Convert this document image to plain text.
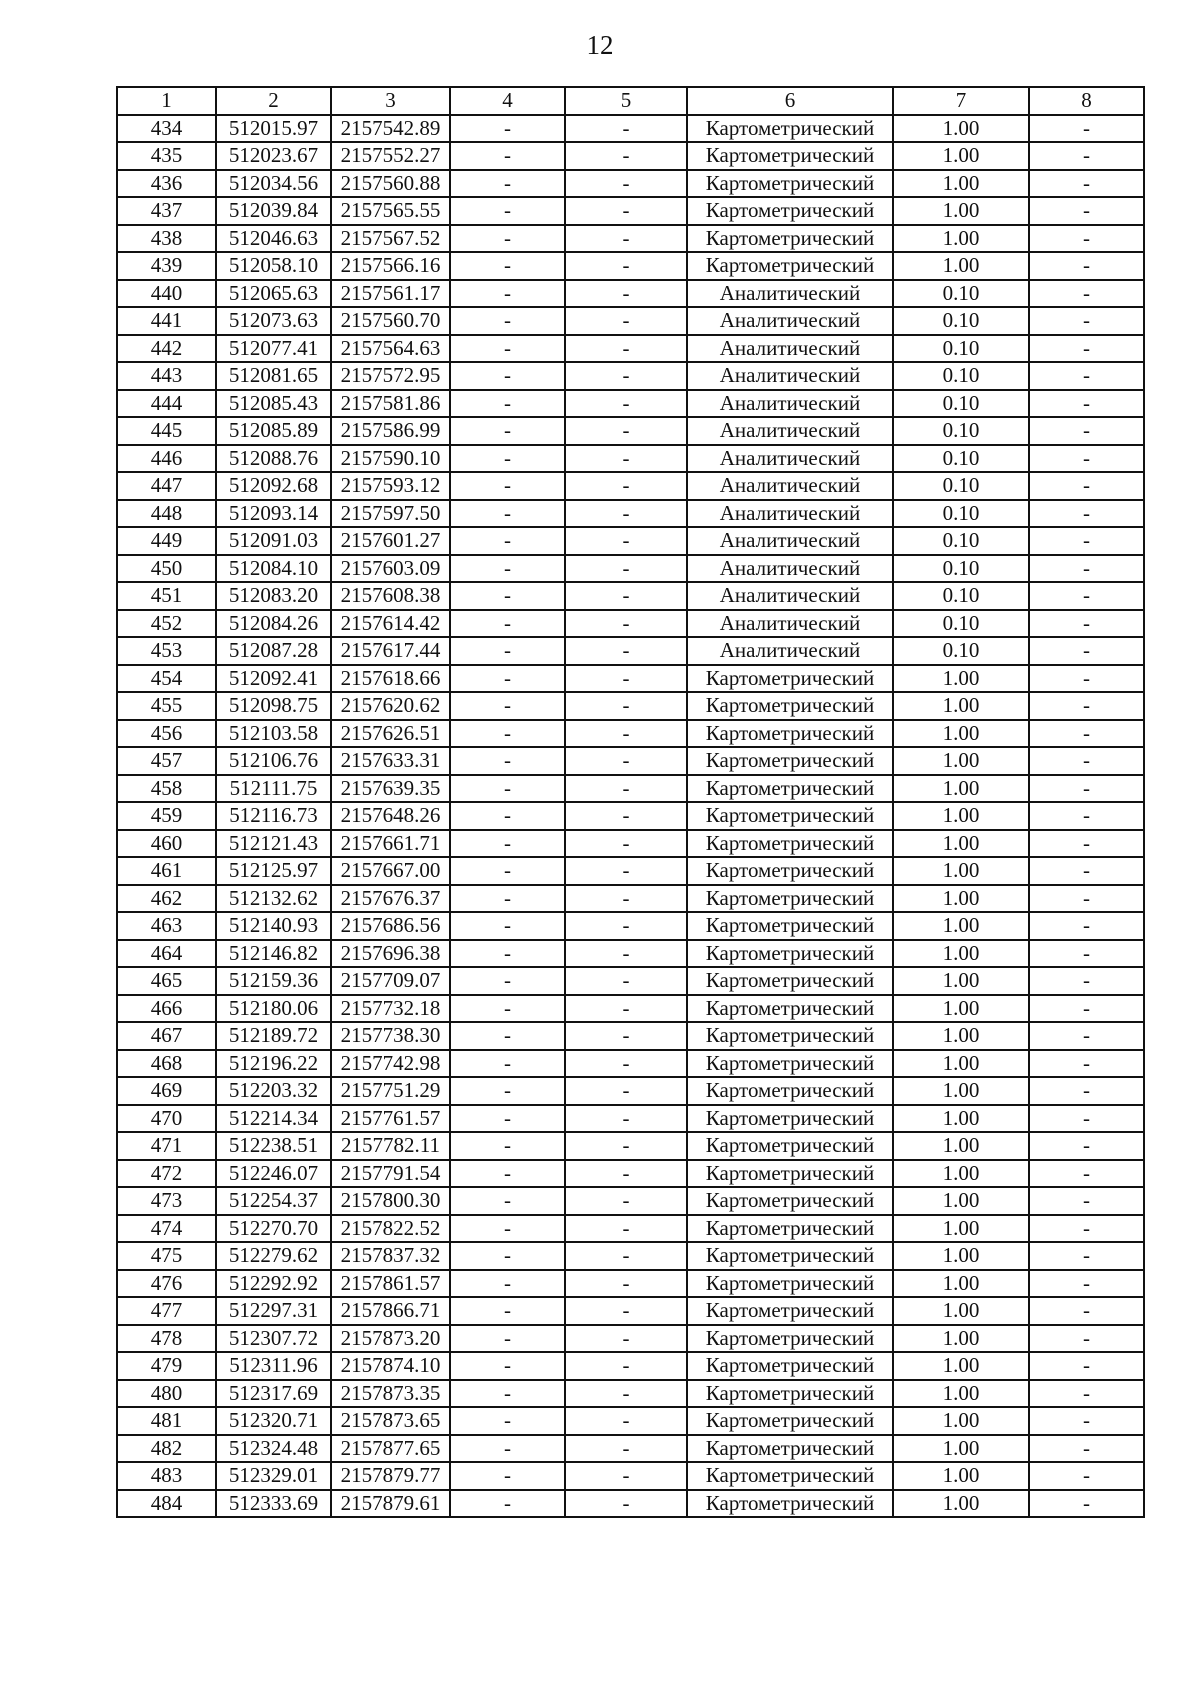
12
1	2	3	4	5	6	7	8
434	512015.97	2157542.89	-	-	Картометрический	1.00	-
435	512023.67	2157552.27	-	-	Картометрический	1.00	-
436	512034.56	2157560.88	-	-	Картометрический	1.00	-
437	512039.84	2157565.55	-	-	Картометрический	1.00	-
438	512046.63	2157567.52	-	-	Картометрический	1.00	-
439	512058.10	2157566.16	-	-	Картометрический	1.00	-
440	512065.63	2157561.17	-	-	Аналитический	0.10	-
441	512073.63	2157560.70	-	-	Аналитический	0.10	-
442	512077.41	2157564.63	-	-	Аналитический	0.10	-
443	512081.65	2157572.95	-	-	Аналитический	0.10	-
444	512085.43	2157581.86	-	-	Аналитический	0.10	-
445	512085.89	2157586.99	-	-	Аналитический	0.10	-
446	512088.76	2157590.10	-	-	Аналитический	0.10	-
447	512092.68	2157593.12	-	-	Аналитический	0.10	-
448	512093.14	2157597.50	-	-	Аналитический	0.10	-
449	512091.03	2157601.27	-	-	Аналитический	0.10	-
450	512084.10	2157603.09	-	-	Аналитический	0.10	-
451	512083.20	2157608.38	-	-	Аналитический	0.10	-
452	512084.26	2157614.42	-	-	Аналитический	0.10	-
453	512087.28	2157617.44	-	-	Аналитический	0.10	-
454	512092.41	2157618.66	-	-	Картометрический	1.00	-
455	512098.75	2157620.62	-	-	Картометрический	1.00	-
456	512103.58	2157626.51	-	-	Картометрический	1.00	-
457	512106.76	2157633.31	-	-	Картометрический	1.00	-
458	512111.75	2157639.35	-	-	Картометрический	1.00	-
459	512116.73	2157648.26	-	-	Картометрический	1.00	-
460	512121.43	2157661.71	-	-	Картометрический	1.00	-
461	512125.97	2157667.00	-	-	Картометрический	1.00	-
462	512132.62	2157676.37	-	-	Картометрический	1.00	-
463	512140.93	2157686.56	-	-	Картометрический	1.00	-
464	512146.82	2157696.38	-	-	Картометрический	1.00	-
465	512159.36	2157709.07	-	-	Картометрический	1.00	-
466	512180.06	2157732.18	-	-	Картометрический	1.00	-
467	512189.72	2157738.30	-	-	Картометрический	1.00	-
468	512196.22	2157742.98	-	-	Картометрический	1.00	-
469	512203.32	2157751.29	-	-	Картометрический	1.00	-
470	512214.34	2157761.57	-	-	Картометрический	1.00	-
471	512238.51	2157782.11	-	-	Картометрический	1.00	-
472	512246.07	2157791.54	-	-	Картометрический	1.00	-
473	512254.37	2157800.30	-	-	Картометрический	1.00	-
474	512270.70	2157822.52	-	-	Картометрический	1.00	-
475	512279.62	2157837.32	-	-	Картометрический	1.00	-
476	512292.92	2157861.57	-	-	Картометрический	1.00	-
477	512297.31	2157866.71	-	-	Картометрический	1.00	-
478	512307.72	2157873.20	-	-	Картометрический	1.00	-
479	512311.96	2157874.10	-	-	Картометрический	1.00	-
480	512317.69	2157873.35	-	-	Картометрический	1.00	-
481	512320.71	2157873.65	-	-	Картометрический	1.00	-
482	512324.48	2157877.65	-	-	Картометрический	1.00	-
483	512329.01	2157879.77	-	-	Картометрический	1.00	-
484	512333.69	2157879.61	-	-	Картометрический	1.00	-
